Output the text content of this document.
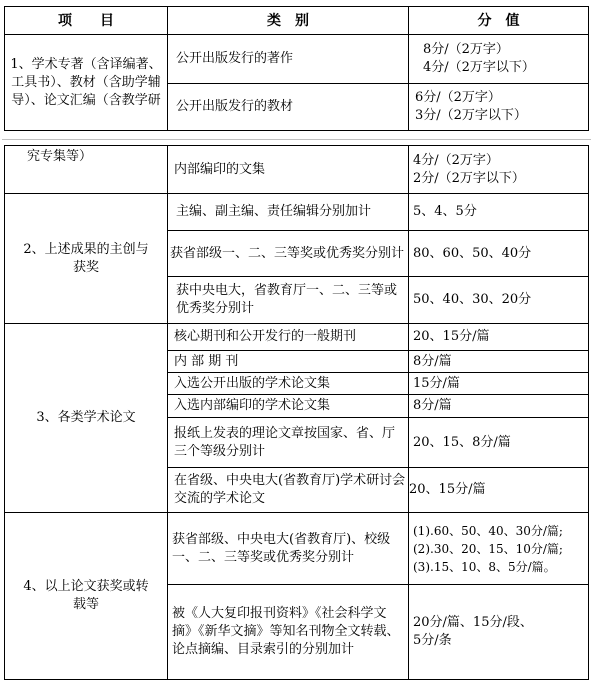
项　　目	类　别	分　值
1、学术专著（含译编著、工具书）、教材（含助学辅导）、论文汇编（含教学研	公开出版发行的著作	8分/（2万字）
4分/（2万字以下）
	公开出版发行的教材	6分/（2万字）
3分/（2万字以下）
究专集等）	内部编印的文集	4分/（2万字）
2分/（2万字以下）
2、上述成果的主创与获奖	主编、副主编、责任编辑分别加计	5、4、5分
	获省部级一、二、三等奖或优秀奖分别计	80、60、50、40分
	获中央电大，省教育厅一、二、三等或优秀奖分别计	50、40、30、20分
3、各类学术论文	核心期刊和公开发行的一般期刊	20、15分/篇
	内 部 期 刊	8分/篇
	入选公开出版的学术论文集	15分/篇
	入选内部编印的学术论文集	8分/篇
	报纸上发表的理论文章按国家、省、厅三个等级分别计	20、15、8分/篇
	在省级、中央电大(省教育厅)学术研讨会交流的学术论文	20、15分/篇
4、以上论文获奖或转载等	获省部级、中央电大(省教育厅)、校级一、二、三等奖或优秀奖分别计	(1).60、50、40、30分/篇;
(2).30、20、15、10分/篇;
(3).15、10、8、5分/篇。
	被《人大复印报刊资料》《社会科学文摘》《新华文摘》等知名刊物全文转载、论点摘编、目录索引的分别加计	20分/篇、15分/段、
5分/条
